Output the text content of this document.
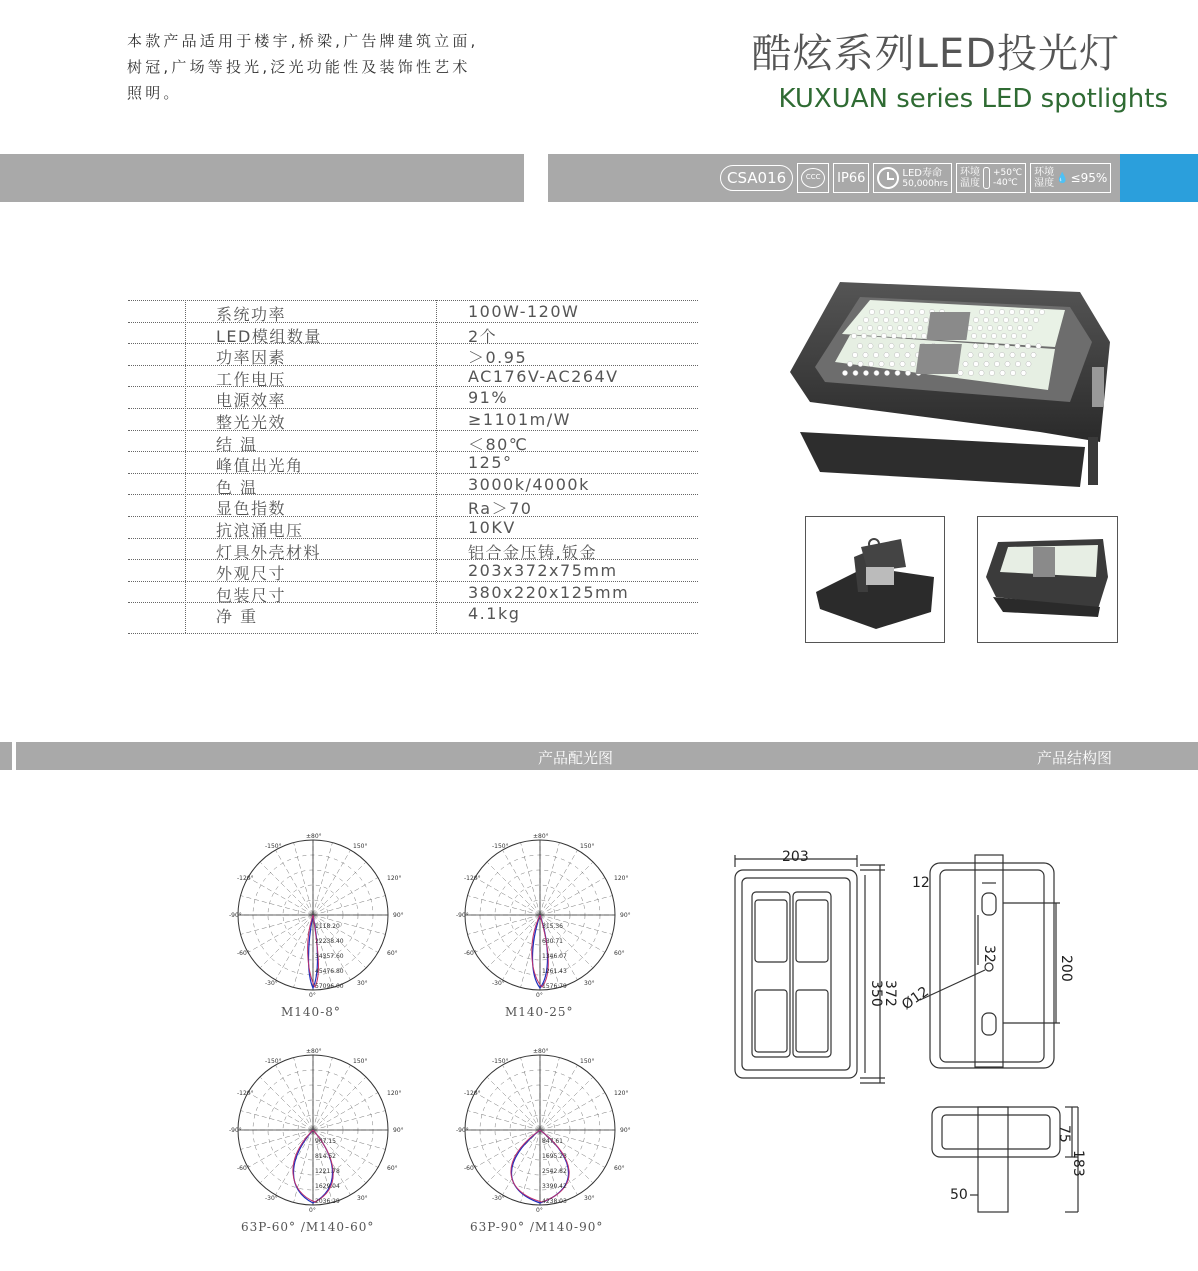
本款产品适用于楼宇,桥梁,广告牌建筑立面,
树冠,广场等投光,泛光功能性及装饰性艺术
照明。
酷炫系列LED投光灯
KUXUAN series LED spotlights
CSA016	CCC	IP66	LED寿命
50,000hrs
环境
温度
+50℃
-40℃
环境
湿度 💧 ≤95%
系统功率	100W-120W
LED模组数量	2个
功率因素	＞0.95
工作电压	AC176V-AC264V
电源效率	91%
整光光效	≥1101m/W
结 温	＜80℃
峰值出光角	125°
色 温	3000k/4000k
显色指数	Ra＞70
抗浪涌电压	10KV
灯具外壳材料	铝合金压铸,钣金
外观尺寸	203x372x75mm
包装尺寸	380x220x125mm
净 重	4.1kg
产品配光图	产品结构图
1118.20
22238.40
34357.60
45476.80
57096.00
-150°	150°
-120°	120°
-90°	90°
-60°	60°
-30°	30°
0°
±80°
M140-8°
315.36
630.71
1346.07
1261.43
1576.79
-150°	150°
-120°	120°
-90°	90°
-60°	60°
-30°	30°
0°
±80°
M140-25°
907.15
814.52
1221.78
1629.04
2036.29
-150°	150°
-120°	120°
-90°	90°
-60°	60°
-30°	30°
0°
±80°
63P-60° /M140-60°
847.61
1695.23
2542.82
3390.42
4238.03
-150°	150°
-120°	120°
-90°	90°
-60°	60°
-30°	30°
0°
±80°
63P-90° /M140-90°
203
350
372
12
32
200
Ø12
75
183
50
